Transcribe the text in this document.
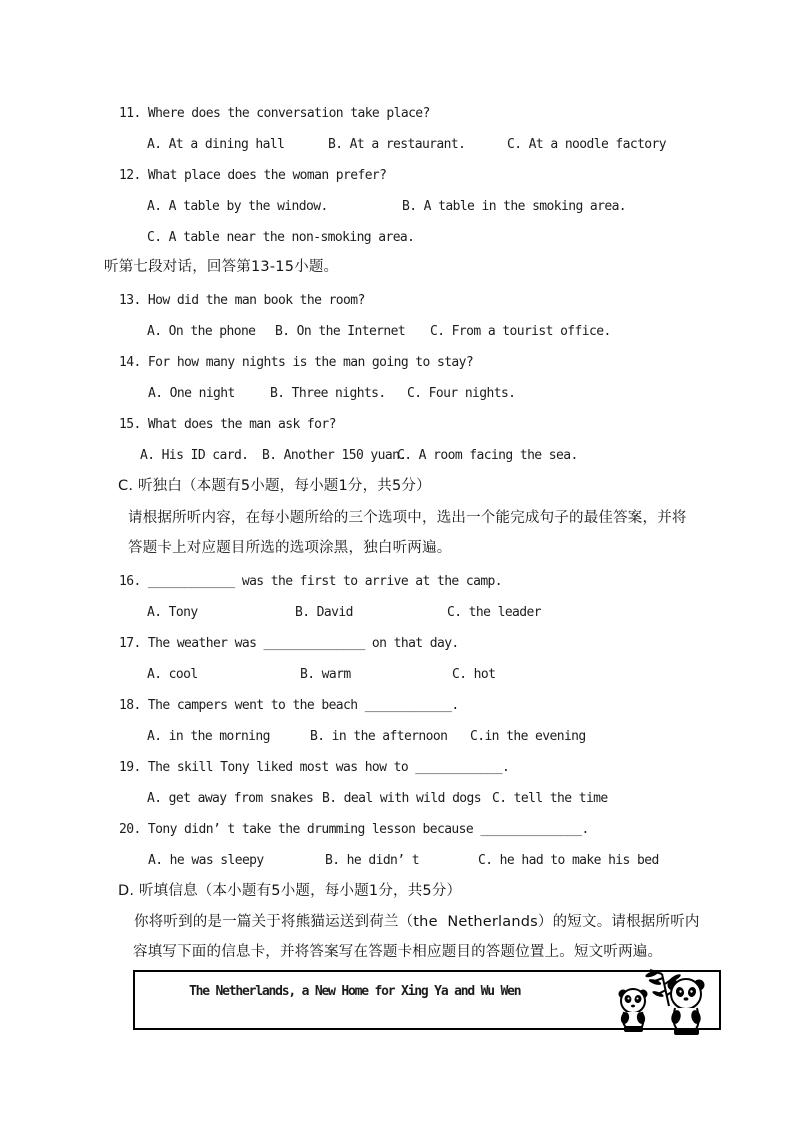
11. Where does the conversation take place?
A. At a dining hall	B. At a restaurant.	C. At a noodle factory
12. What place does the woman prefer?
A. A table by the window.	B. A table in the smoking area.
C. A table near the non-smoking area.
听第七段对话，回答第13-15小题。
13. How did the man book the room?
A. On the phone B. On the Internet C. From a tourist office.
14. For how many nights is the man going to stay?
A. One night	B. Three nights. C. Four nights.
15. What does the man ask for?
A. His ID card. B. Another 150 yuan.
C. A room facing the sea.
C. 听独白（本题有5小题，每小题1分，共5分）
请根据所听内容，在每小题所给的三个选项中，选出一个能完成句子的最佳答案，并将
答题卡上对应题目所选的选项涂黑，独白听两遍。
16. ____________ was the first to arrive at the camp.
A. Tony	B. David	C. the leader
17. The weather was ______________ on that day.
A. cool	B. warm	C. hot
18. The campers went to the beach ____________.
A. in the morning	B. in the afternoon C.in the evening
19. The skill Tony liked most was how to ____________.
A. get away from snakes B. deal with wild dogs C. tell the time
20. Tony didn’ t take the drumming lesson because ______________.
A. he was sleepy	B. he didn’ t	C. he had to make his bed
D. 听填信息（本小题有5小题，每小题1分，共5分）
你将听到的是一篇关于将熊猫运送到荷兰（the  Netherlands）的短文。请根据所听内
容填写下面的信息卡，并将答案写在答题卡相应题目的答题位置上。短文听两遍。
The Netherlands, a New Home for Xing Ya and Wu Wen
